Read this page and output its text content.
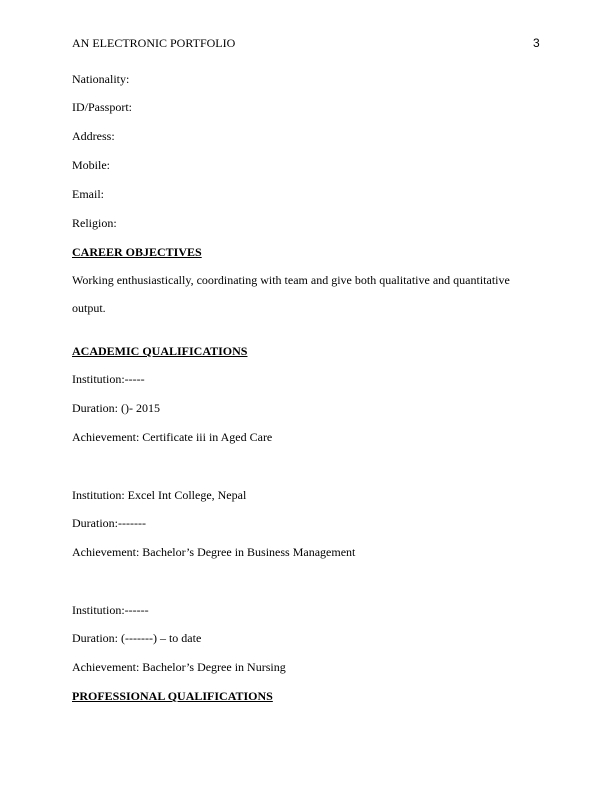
AN ELECTRONIC PORTFOLIO	3
Nationality:
ID/Passport:
Address:
Mobile:
Email:
Religion:
CAREER OBJECTIVES
Working enthusiastically, coordinating with team and give both qualitative and quantitative
output.
ACADEMIC QUALIFICATIONS
Institution:-----
Duration: ()- 2015
Achievement: Certificate iii in Aged Care
Institution: Excel Int College, Nepal
Duration:-------
Achievement: Bachelor’s Degree in Business Management
Institution:------
Duration: (-------) – to date
Achievement: Bachelor’s Degree in Nursing
PROFESSIONAL QUALIFICATIONS
